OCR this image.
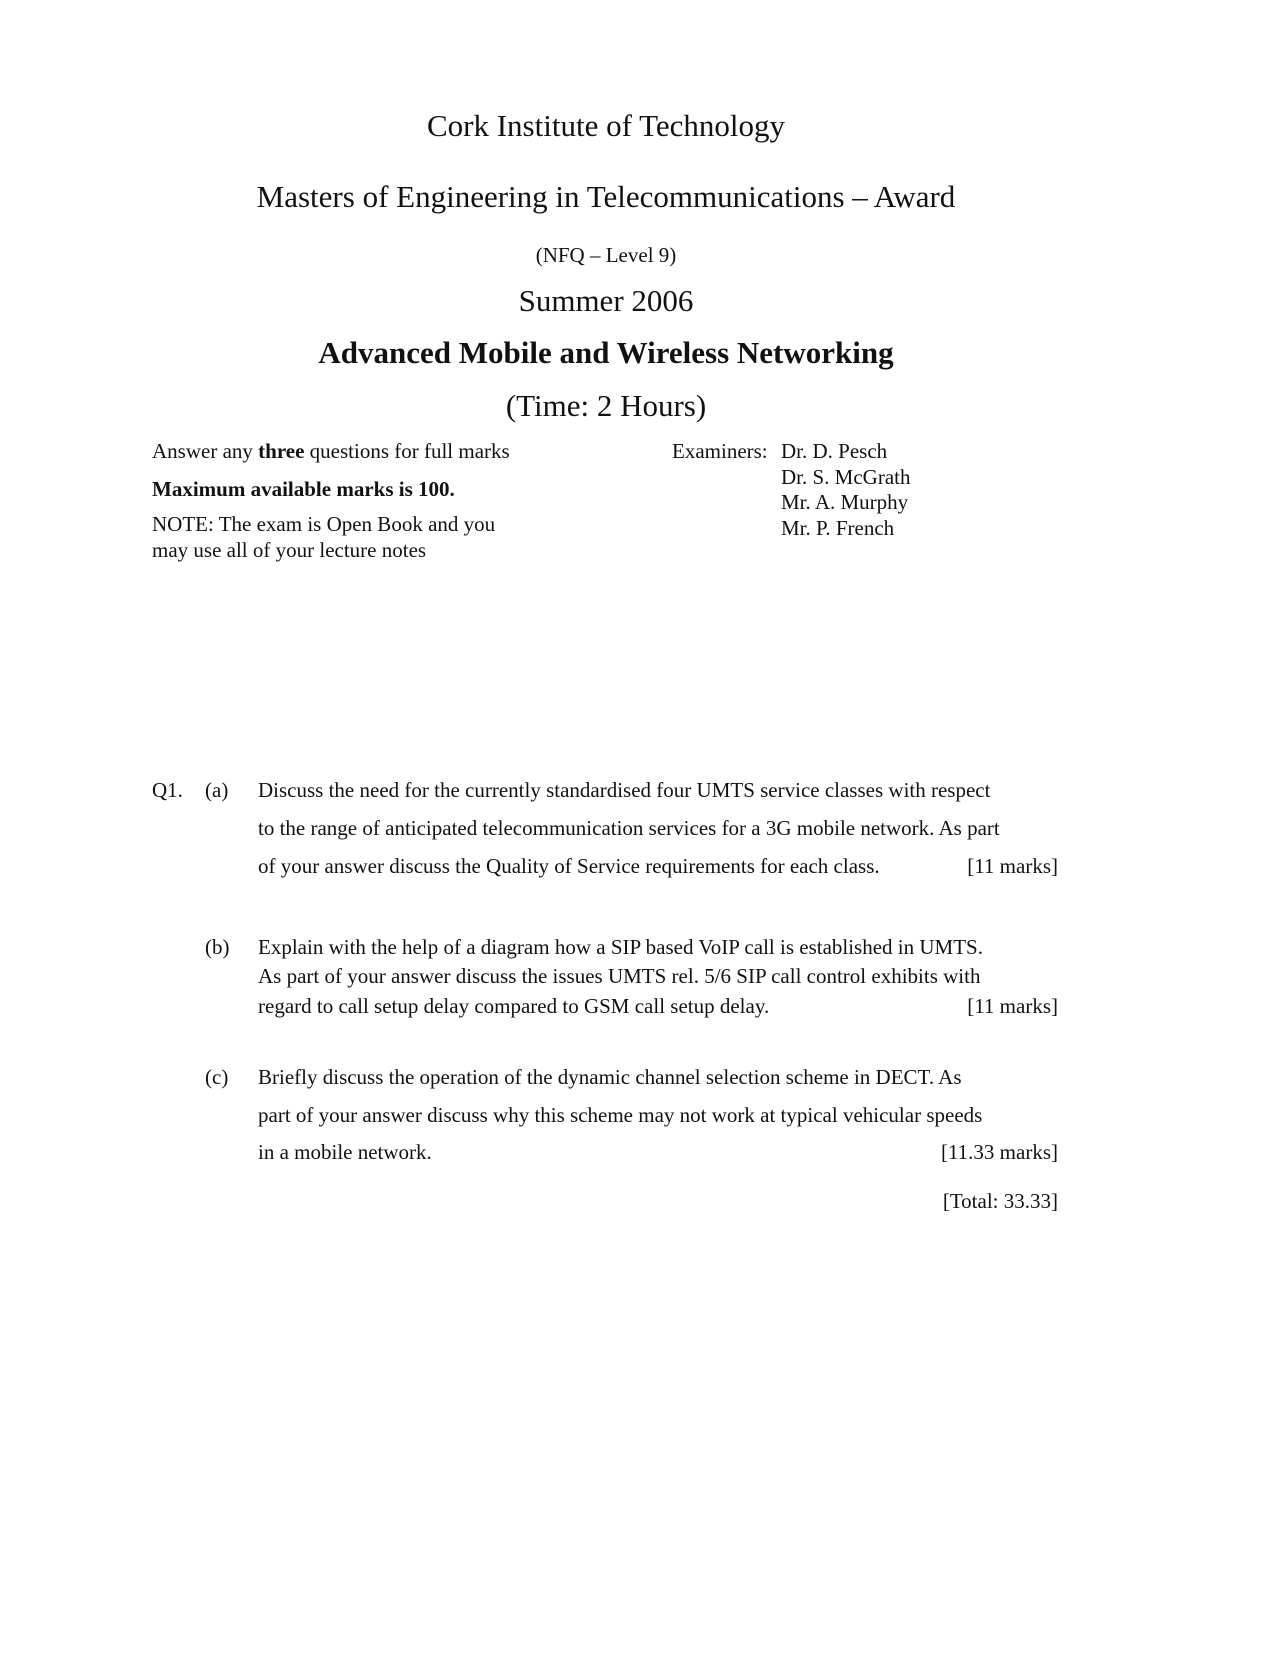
Cork Institute of Technology
Masters of Engineering in Telecommunications – Award
(NFQ – Level 9)
Summer 2006
Advanced Mobile and Wireless Networking
(Time: 2 Hours)
Answer any three questions for full marks
Maximum available marks is 100.
NOTE: The exam is Open Book and you
may use all of your lecture notes
Examiners: Dr. D. Pesch
Dr. S. McGrath
Mr. A. Murphy
Mr. P. French
Q1. (a) Discuss the need for the currently standardised four UMTS service classes with respect
to the range of anticipated telecommunication services for a 3G mobile network. As part
of your answer discuss the Quality of Service requirements for each class.	[11 marks]
(b) Explain with the help of a diagram how a SIP based VoIP call is established in UMTS.
As part of your answer discuss the issues UMTS rel. 5/6 SIP call control exhibits with
regard to call setup delay compared to GSM call setup delay.	[11 marks]
(c) Briefly discuss the operation of the dynamic channel selection scheme in DECT. As
part of your answer discuss why this scheme may not work at typical vehicular speeds
in a mobile network.	[11.33 marks]
[Total: 33.33]
